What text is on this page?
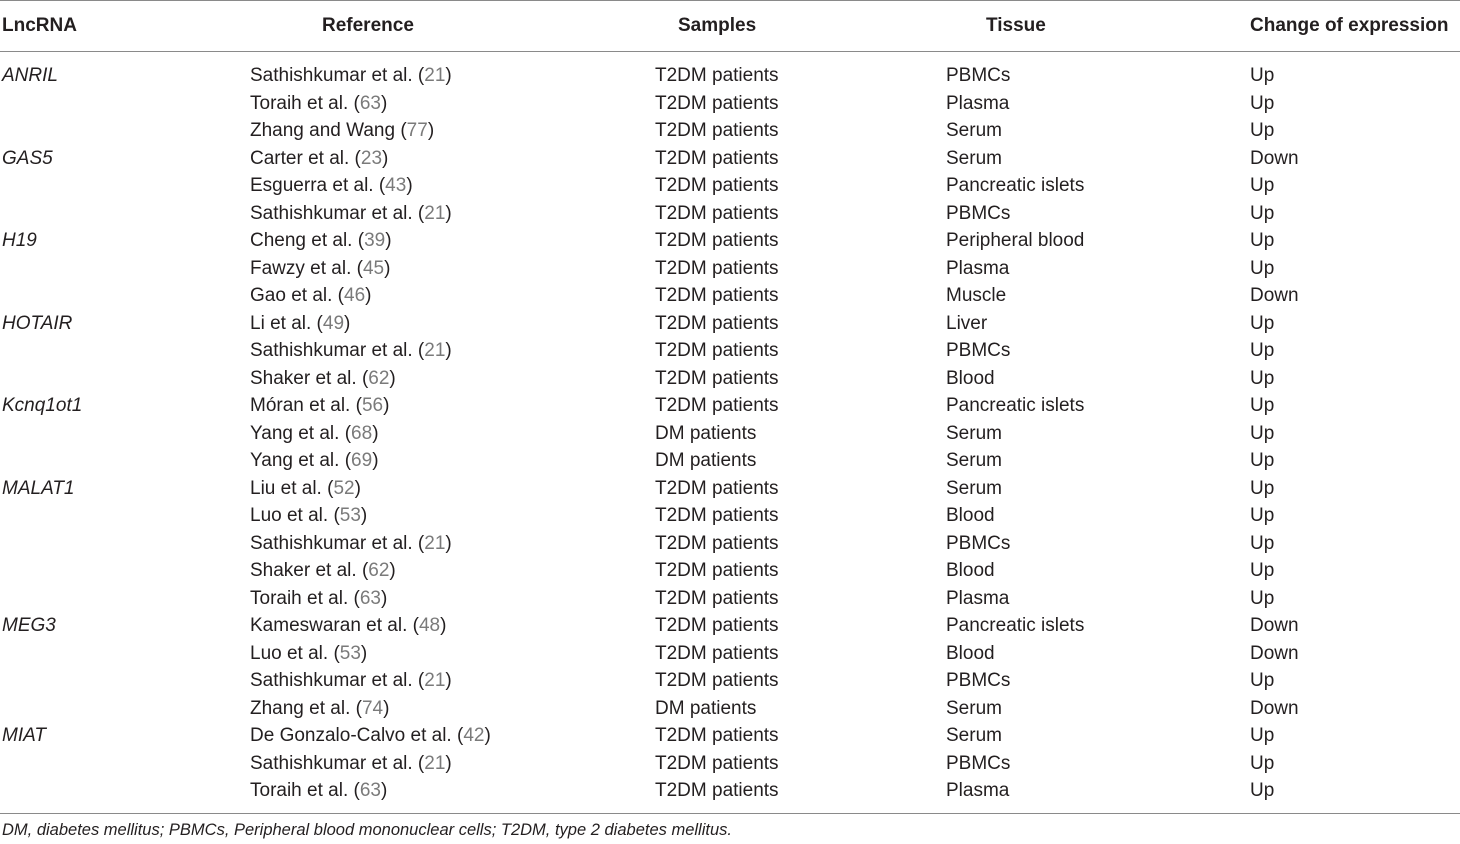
LncRNA	Reference	Samples	Tissue	Change of expression
ANRIL	Sathishkumar et al. (21)	T2DM patients	PBMCs	Up
Toraih et al. (63)	T2DM patients	Plasma	Up
Zhang and Wang (77)	T2DM patients	Serum	Up
GAS5	Carter et al. (23)	T2DM patients	Serum	Down
Esguerra et al. (43)	T2DM patients	Pancreatic islets	Up
Sathishkumar et al. (21)	T2DM patients	PBMCs	Up
H19	Cheng et al. (39)	T2DM patients	Peripheral blood	Up
Fawzy et al. (45)	T2DM patients	Plasma	Up
Gao et al. (46)	T2DM patients	Muscle	Down
HOTAIR	Li et al. (49)	T2DM patients	Liver	Up
Sathishkumar et al. (21)	T2DM patients	PBMCs	Up
Shaker et al. (62)	T2DM patients	Blood	Up
Kcnq1ot1	Móran et al. (56)	T2DM patients	Pancreatic islets	Up
Yang et al. (68)	DM patients	Serum	Up
Yang et al. (69)	DM patients	Serum	Up
MALAT1	Liu et al. (52)	T2DM patients	Serum	Up
Luo et al. (53)	T2DM patients	Blood	Up
Sathishkumar et al. (21)	T2DM patients	PBMCs	Up
Shaker et al. (62)	T2DM patients	Blood	Up
Toraih et al. (63)	T2DM patients	Plasma	Up
MEG3	Kameswaran et al. (48)	T2DM patients	Pancreatic islets	Down
Luo et al. (53)	T2DM patients	Blood	Down
Sathishkumar et al. (21)	T2DM patients	PBMCs	Up
Zhang et al. (74)	DM patients	Serum	Down
MIAT	De Gonzalo-Calvo et al. (42)	T2DM patients	Serum	Up
Sathishkumar et al. (21)	T2DM patients	PBMCs	Up
Toraih et al. (63)	T2DM patients	Plasma	Up
DM, diabetes mellitus; PBMCs, Peripheral blood mononuclear cells; T2DM, type 2 diabetes mellitus.
